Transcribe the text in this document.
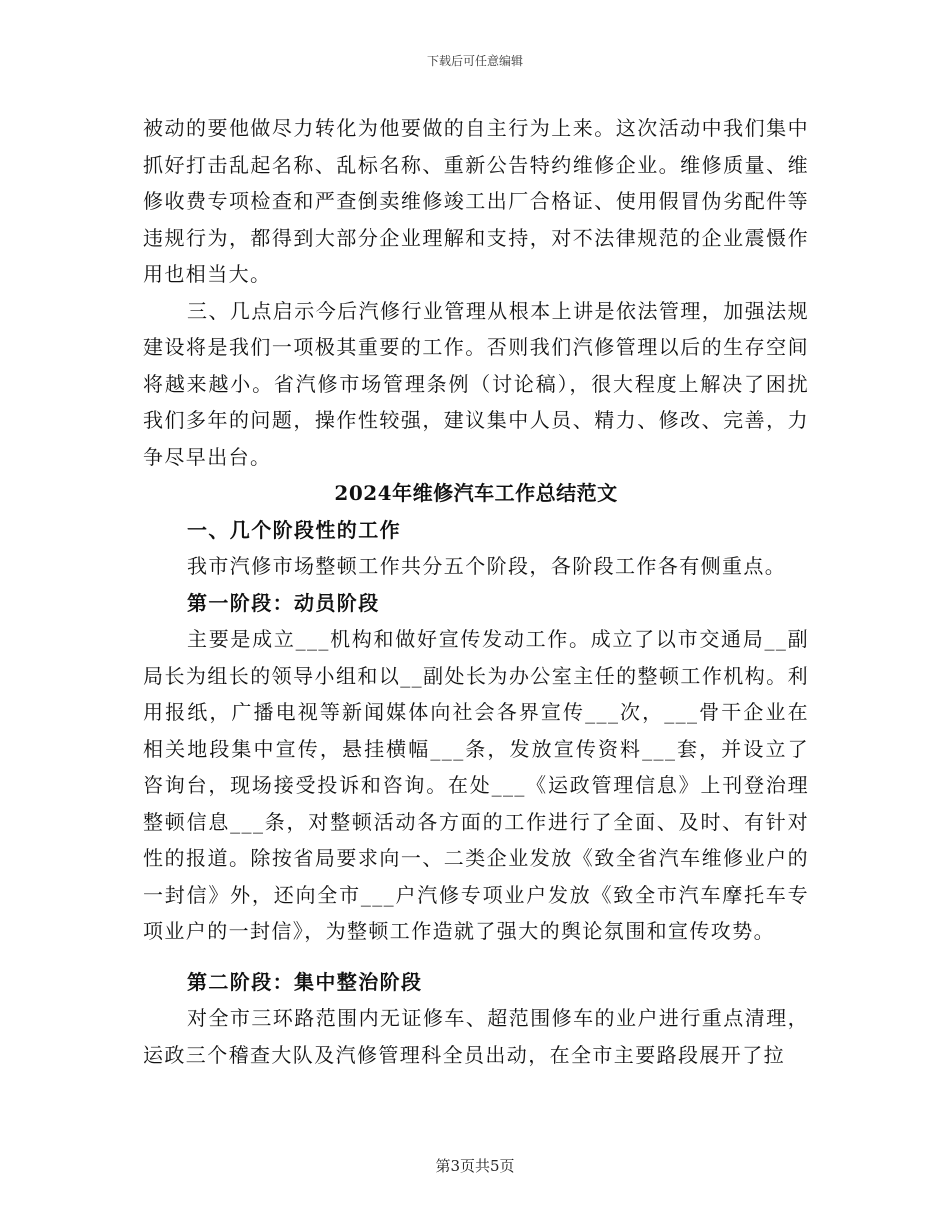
下载后可任意编辑

被动的要他做尽力转化为他要做的自主行为上来。这次活动中我们集中抓好打击乱起名称、乱标名称、重新公告特约维修企业。维修质量、维修收费专项检查和严查倒卖维修竣工出厂合格证、使用假冒伪劣配件等违规行为，都得到大部分企业理解和支持，对不法律规范的企业震慑作用也相当大。

三、几点启示今后汽修行业管理从根本上讲是依法管理，加强法规建设将是我们一项极其重要的工作。否则我们汽修管理以后的生存空间将越来越小。省汽修市场管理条例（讨论稿），很大程度上解决了困扰我们多年的问题，操作性较强，建议集中人员、精力、修改、完善，力争尽早出台。

2024年维修汽车工作总结范文

一、几个阶段性的工作

我市汽修市场整顿工作共分五个阶段，各阶段工作各有侧重点。

第一阶段：动员阶段

主要是成立___机构和做好宣传发动工作。成立了以市交通局__副局长为组长的领导小组和以__副处长为办公室主任的整顿工作机构。利用报纸，广播电视等新闻媒体向社会各界宣传___次，___骨干企业在相关地段集中宣传，悬挂横幅___条，发放宣传资料___套，并设立了咨询台，现场接受投诉和咨询。在处___《运政管理信息》上刊登治理整顿信息___条，对整顿活动各方面的工作进行了全面、及时、有针对性的报道。除按省局要求向一、二类企业发放《致全省汽车维修业户的一封信》外，还向全市___户汽修专项业户发放《致全市汽车摩托车专项业户的一封信》，为整顿工作造就了强大的舆论氛围和宣传攻势。

第二阶段：集中整治阶段

对全市三环路范围内无证修车、超范围修车的业户进行重点清理，运政三个稽查大队及汽修管理科全员出动，在全市主要路段展开了拉

第3页共5页
